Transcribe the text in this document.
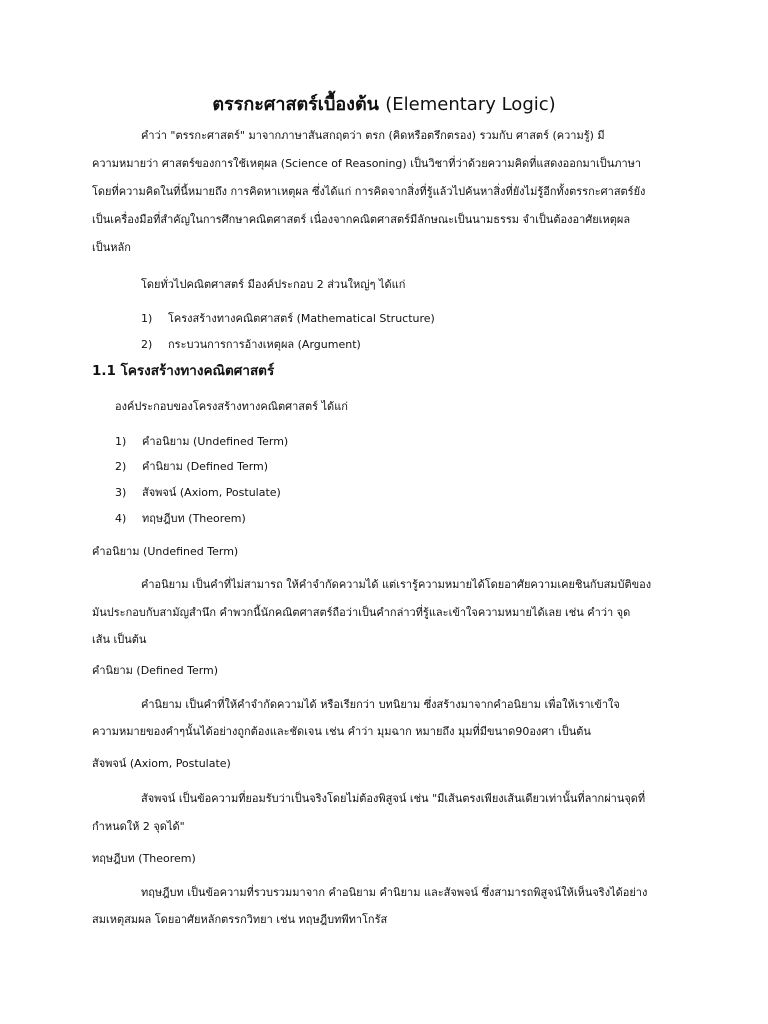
ตรรกะศาสตร์เบื้องต้น (Elementary Logic)
คำว่า "ตรรกะศาสตร์" มาจากภาษาสันสกฤตว่า ตรก (คิดหรือตรึกตรอง) รวมกับ ศาสตร์ (ความรู้) มี
ความหมายว่า ศาสตร์ของการใช้เหตุผล (Science of Reasoning) เป็นวิชาที่ว่าด้วยความคิดที่แสดงออกมาเป็นภาษา
โดยที่ความคิดในที่นี้หมายถึง การคิดหาเหตุผล ซึ่งได้แก่ การคิดจากสิ่งที่รู้แล้วไปค้นหาสิ่งที่ยังไม่รู้อีกทั้งตรรกะศาสตร์ยัง
เป็นเครื่องมือที่สำคัญในการศึกษาคณิตศาสตร์ เนื่องจากคณิตศาสตร์มีลักษณะเป็นนามธรรม จำเป็นต้องอาศัยเหตุผล
เป็นหลัก
โดยทั่วไปคณิตศาสตร์ มีองค์ประกอบ 2 ส่วนใหญ่ๆ ได้แก่
1) โครงสร้างทางคณิตศาสตร์ (Mathematical Structure)
2) กระบวนการการอ้างเหตุผล (Argument)
1.1 โครงสร้างทางคณิตศาสตร์
องค์ประกอบของโครงสร้างทางคณิตศาสตร์ ได้แก่
1) คำอนิยาม (Undefined Term)
2) คำนิยาม (Defined Term)
3) สัจพจน์ (Axiom, Postulate)
4) ทฤษฎีบท (Theorem)
คำอนิยาม (Undefined Term)
คำอนิยาม เป็นคำที่ไม่สามารถ ให้คำจำกัดความได้ แต่เรารู้ความหมายได้โดยอาศัยความเคยชินกับสมบัติของ
มันประกอบกับสามัญสำนึก คำพวกนี้นักคณิตศาสตร์ถือว่าเป็นคำกล่าวที่รู้และเข้าใจความหมายได้เลย เช่น คำว่า จุด
เส้น เป็นต้น
คำนิยาม (Defined Term)
คำนิยาม เป็นคำที่ให้คำจำกัดความได้ หรือเรียกว่า บทนิยาม ซึ่งสร้างมาจากคำอนิยาม เพื่อให้เราเข้าใจ
ความหมายของคำๆนั้นได้อย่างถูกต้องและชัดเจน เช่น คำว่า มุมฉาก หมายถึง มุมที่มีขนาด90องศา เป็นต้น
สัจพจน์ (Axiom, Postulate)
สัจพจน์ เป็นข้อความที่ยอมรับว่าเป็นจริงโดยไม่ต้องพิสูจน์ เช่น "มีเส้นตรงเพียงเส้นเดียวเท่านั้นที่ลากผ่านจุดที่
กำหนดให้ 2 จุดได้"
ทฤษฎีบท (Theorem)
ทฤษฎีบท เป็นข้อความที่รวบรวมมาจาก คำอนิยาม คำนิยาม และสัจพจน์ ซึ่งสามารถพิสูจน์ให้เห็นจริงได้อย่าง
สมเหตุสมผล โดยอาศัยหลักตรรกวิทยา เช่น ทฤษฎีบทพีทาโกรัส
